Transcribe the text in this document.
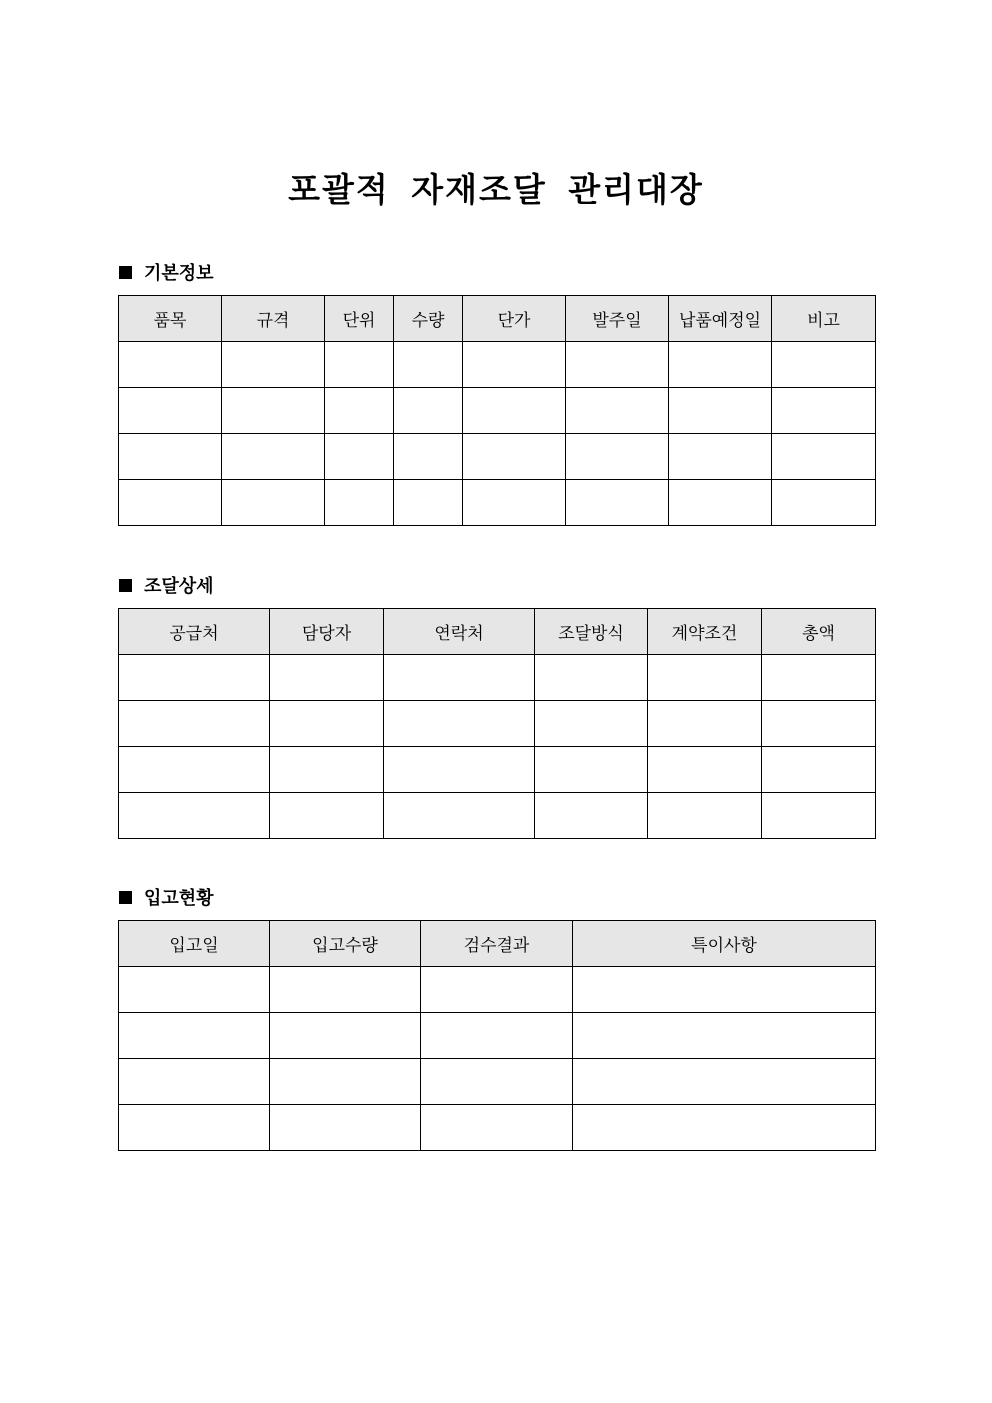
포괄적 자재조달 관리대장
기본정보
품목	규격	단위	수량	단가	발주일	납품예정일	비고

조달상세
공급처	담당자	연락처	조달방식	계약조건	총액

입고현황
입고일	입고수량	검수결과	특이사항
